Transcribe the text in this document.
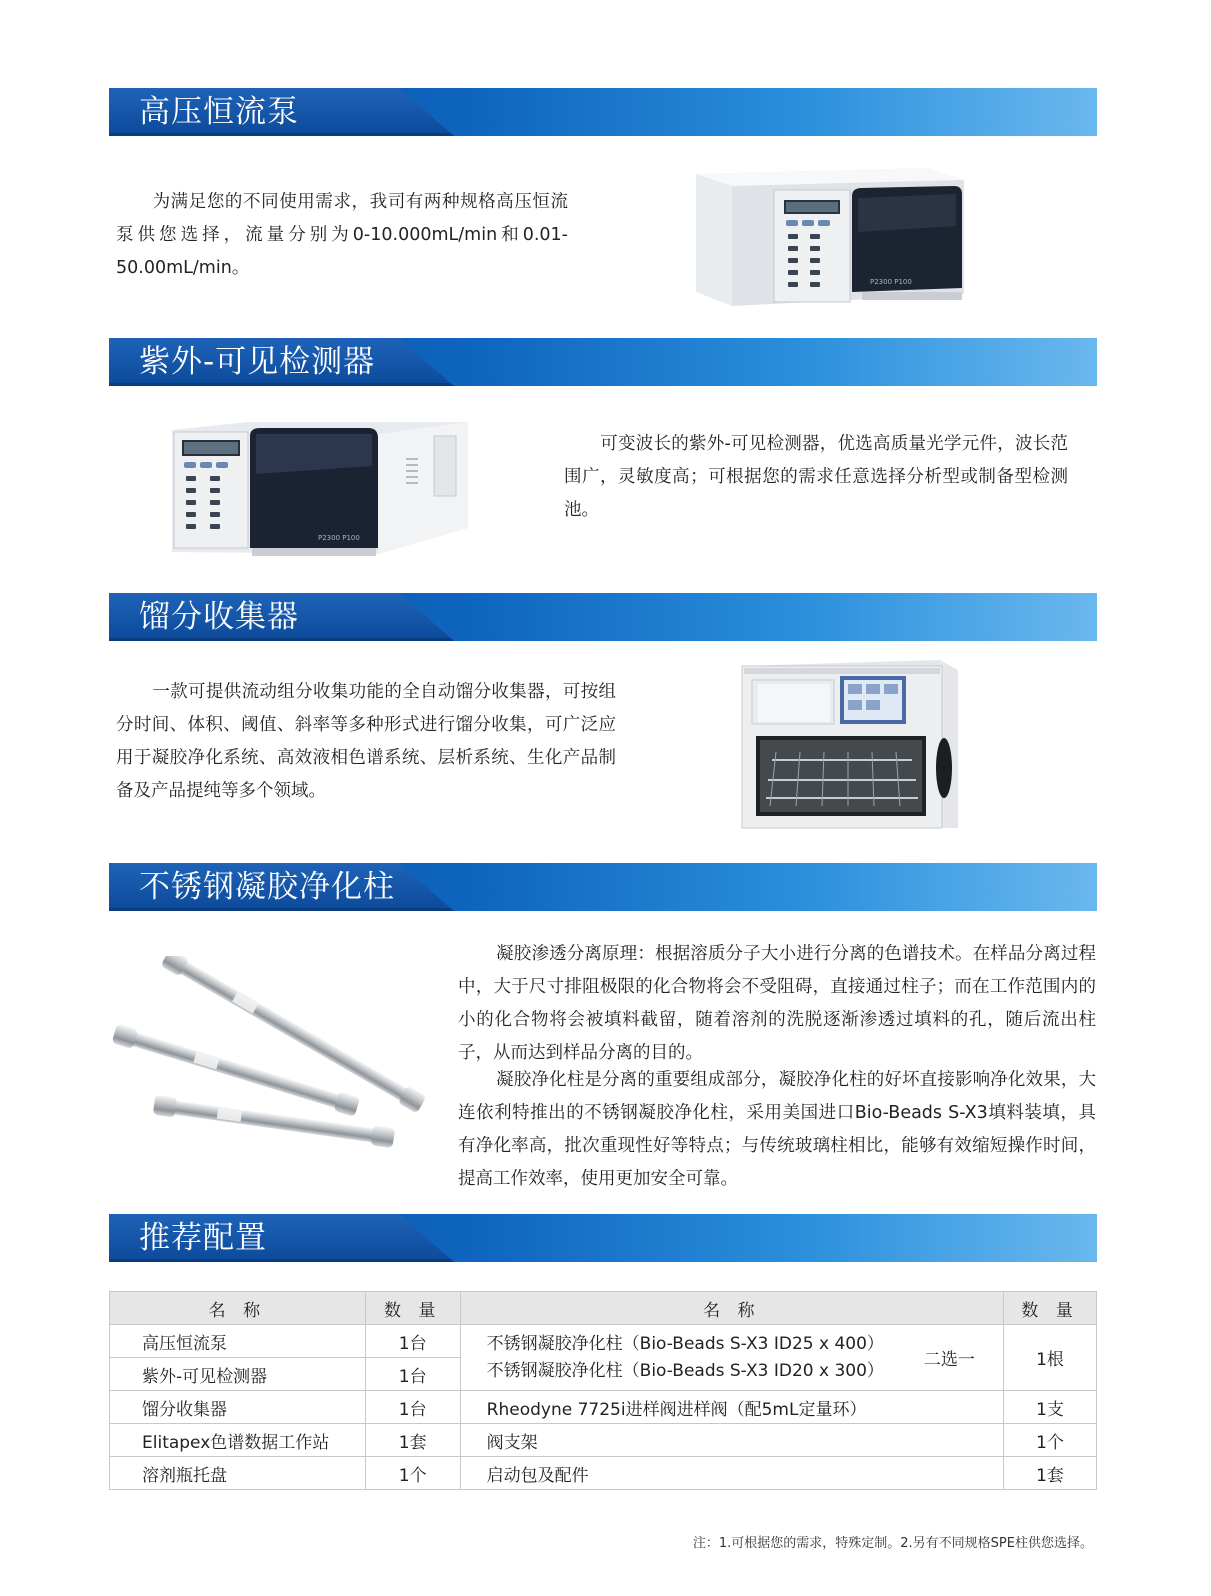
高压恒流泵
为满足您的不同使用需求，我司有两种规格高压恒流泵供您选择，流量分别为0-10.000mL/min和0.01-50.00mL/min。
P2300 P100
紫外-可见检测器
可变波长的紫外-可见检测器，优选高质量光学元件，波长范围广，灵敏度高；可根据您的需求任意选择分析型或制备型检测池。
P2300 P100
馏分收集器
一款可提供流动组分收集功能的全自动馏分收集器，可按组分时间、体积、阈值、斜率等多种形式进行馏分收集，可广泛应用于凝胶净化系统、高效液相色谱系统、层析系统、生化产品制备及产品提纯等多个领域。
不锈钢凝胶净化柱
凝胶渗透分离原理：根据溶质分子大小进行分离的色谱技术。在样品分离过程中，大于尺寸排阻极限的化合物将会不受阻碍，直接通过柱子；而在工作范围内的小的化合物将会被填料截留，随着溶剂的洗脱逐渐渗透过填料的孔，随后流出柱子，从而达到样品分离的目的。
凝胶净化柱是分离的重要组成部分，凝胶净化柱的好坏直接影响净化效果，大连依利特推出的不锈钢凝胶净化柱，采用美国进口Bio-Beads S-X3填料装填，具有净化率高，批次重现性好等特点；与传统玻璃柱相比，能够有效缩短操作时间，提高工作效率，使用更加安全可靠。
推荐配置
名 称	数 量	名 称	数 量
高压恒流泵	1台	不锈钢凝胶净化柱（Bio-Beads S-X3 ID25 x 400）
不锈钢凝胶净化柱（Bio-Beads S-X3 ID20 x 300）
二选一	1根
紫外-可见检测器	1台		
馏分收集器	1台	Rheodyne 7725i进样阀进样阀（配5mL定量环）	1支
Elitapex色谱数据工作站	1套	阀支架	1个
溶剂瓶托盘	1个	启动包及配件	1套
注：1.可根据您的需求，特殊定制。2.另有不同规格SPE柱供您选择。
